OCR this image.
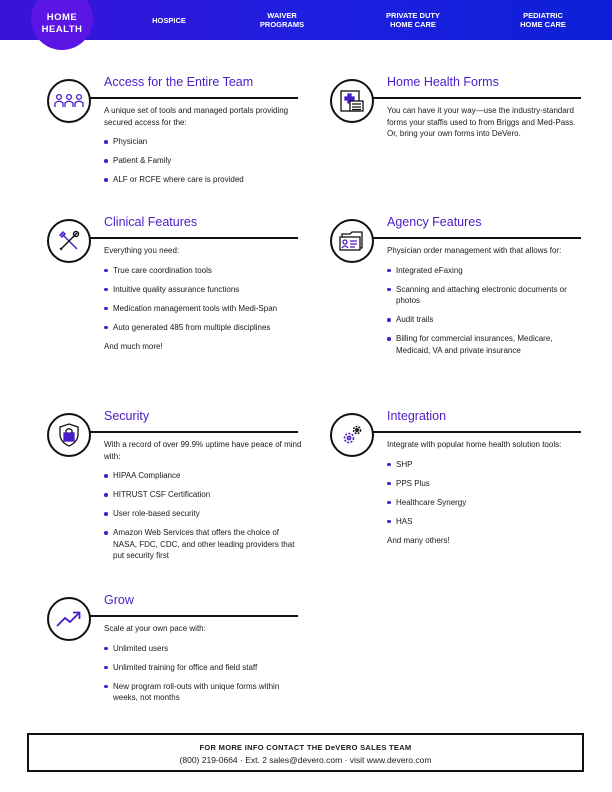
HOSPICE	WAIVER
PROGRAMS
PRIVATE DUTY
HOME CARE
PEDIATRIC
HOME CARE
HOME
HEALTH
Access for the Entire Team

A unique set of tools and managed portals providing secured access for the:

Physician
Patient & Family
ALF or RCFE where care is provided
Home Health Forms

You can have it your way—use the industry-standard forms your staffis used to from Briggs and Med-Pass. Or, bring your own forms into DeVero.

Clinical Features

Everything you need:

True care coordination tools
Intuitive quality assurance functions
Medication management tools with Medi-Span
Auto generated 485 from multiple disciplines

And much more!

Agency Features

Physician order management with that allows for:

Integrated eFaxing
Scanning and attaching electronic documents or photos
Audit trails
Billing for commercial insurances, Medicare, Medicaid, VA and private insurance
Security

With a record of over 99.9% uptime have peace of mind with:

HIPAA Compliance
HITRUST CSF Certification
User role-based security
Amazon Web Services that offers the choice of NASA, FDC, CDC, and other leading providers that put security first
Integration

Integrate with popular home health solution tools:

SHP
PPS Plus
Healthcare Synergy
HAS

And many others!

Grow

Scale at your own pace with:

Unlimited users
Unlimited training for office and field staff
New program roll-outs with unique forms within weeks, not months
FOR MORE INFO CONTACT THE DeVERO SALES TEAM
(800) 219-0664 · Ext. 2 sales@devero.com · visit www.devero.com
